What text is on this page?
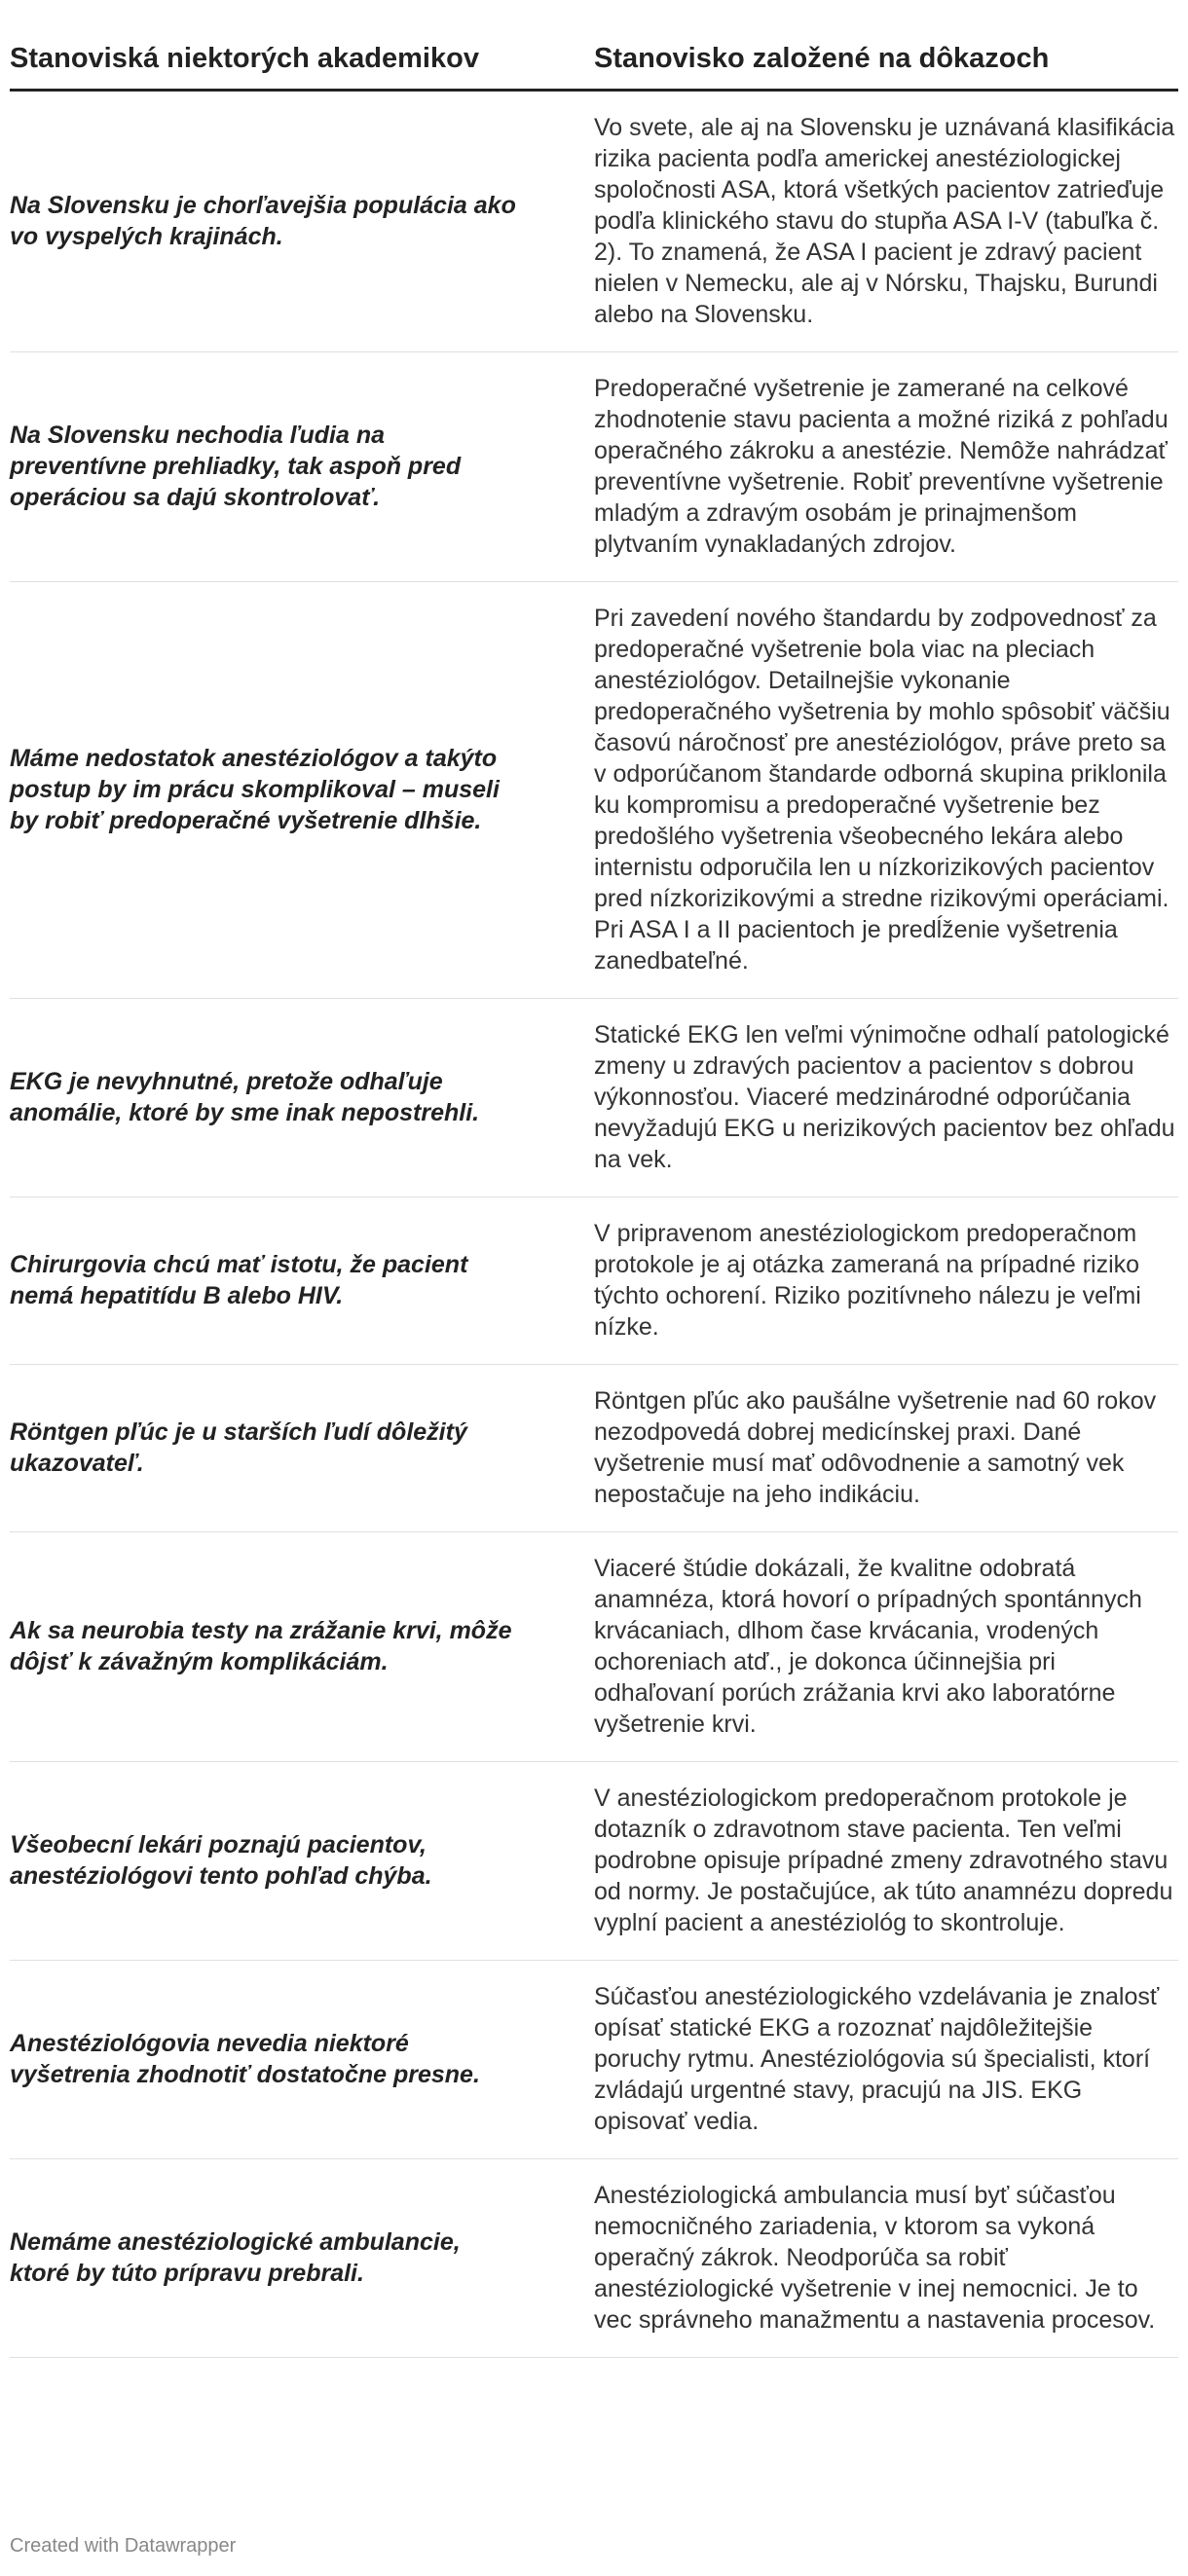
Stanoviská niektorých akademikov	Stanovisko založené na dôkazoch
Na Slovensku je chorľavejšia populácia ako vo vyspelých krajinách.	Vo svete, ale aj na Slovensku je uznávaná klasifikácia rizika pacienta podľa americkej anestéziologickej spoločnosti ASA, ktorá všetkých pacientov zatrieďuje podľa klinického stavu do stupňa ASA I-V (tabuľka č. 2). To znamená, že ASA I pacient je zdravý pacient nielen v Nemecku, ale aj v Nórsku, Thajsku, Burundi alebo na Slovensku.
Na Slovensku nechodia ľudia na preventívne prehliadky, tak aspoň pred operáciou sa dajú skontrolovať.	Predoperačné vyšetrenie je zamerané na celkové zhodnotenie stavu pacienta a možné riziká z pohľadu operačného zákroku a anestézie. Nemôže nahrádzať preventívne vyšetrenie. Robiť preventívne vyšetrenie mladým a zdravým osobám je prinajmenšom plytvaním vynakladaných zdrojov.
Máme nedostatok anestéziológov a takýto postup by im prácu skomplikoval – museli by robiť predoperačné vyšetrenie dlhšie.	Pri zavedení nového štandardu by zodpovednosť za predoperačné vyšetrenie bola viac na pleciach anestéziológov. Detailnejšie vykonanie predoperačného vyšetrenia by mohlo spôsobiť väčšiu časovú náročnosť pre anestéziológov, práve preto sa v odporúčanom štandarde odborná skupina priklonila ku kompromisu a predoperačné vyšetrenie bez predošlého vyšetrenia všeobecného lekára alebo internistu odporučila len u nízkorizikových pacientov pred nízkorizikovými a stredne rizikovými operáciami. Pri ASA I a II pacientoch je predĺženie vyšetrenia zanedbateľné.
EKG je nevyhnutné, pretože odhaľuje anomálie, ktoré by sme inak nepostrehli.	Statické EKG len veľmi výnimočne odhalí patologické zmeny u zdravých pacientov a pacientov s dobrou výkonnosťou. Viaceré medzinárodné odporúčania nevyžadujú EKG u nerizikových pacientov bez ohľadu na vek.
Chirurgovia chcú mať istotu, že pacient nemá hepatitídu B alebo HIV.	V pripravenom anestéziologickom predoperačnom protokole je aj otázka zameraná na prípadné riziko týchto ochorení. Riziko pozitívneho nálezu je veľmi nízke.
Röntgen pľúc je u starších ľudí dôležitý ukazovateľ.	Röntgen pľúc ako paušálne vyšetrenie nad 60 rokov nezodpovedá dobrej medicínskej praxi. Dané vyšetrenie musí mať odôvodnenie a samotný vek nepostačuje na jeho indikáciu.
Ak sa neurobia testy na zrážanie krvi, môže dôjsť k závažným komplikáciám.	Viaceré štúdie dokázali, že kvalitne odobratá anamnéza, ktorá hovorí o prípadných spontánnych krvácaniach, dlhom čase krvácania, vrodených ochoreniach atď., je dokonca účinnejšia pri odhaľovaní porúch zrážania krvi ako laboratórne vyšetrenie krvi.
Všeobecní lekári poznajú pacientov, anestéziológovi tento pohľad chýba.	V anestéziologickom predoperačnom protokole je dotazník o zdravotnom stave pacienta. Ten veľmi podrobne opisuje prípadné zmeny zdravotného stavu od normy. Je postačujúce, ak túto anamnézu dopredu vyplní pacient a anestéziológ to skontroluje.
Anestéziológovia nevedia niektoré vyšetrenia zhodnotiť dostatočne presne.	Súčasťou anestéziologického vzdelávania je znalosť opísať statické EKG a rozoznať najdôležitejšie poruchy rytmu. Anestéziológovia sú špecialisti, ktorí zvládajú urgentné stavy, pracujú na JIS. EKG opisovať vedia.
Nemáme anestéziologické ambulancie, ktoré by túto prípravu prebrali.	Anestéziologická ambulancia musí byť súčasťou nemocničného zariadenia, v ktorom sa vykoná operačný zákrok. Neodporúča sa robiť anestéziologické vyšetrenie v inej nemocnici. Je to vec správneho manažmentu a nastavenia procesov.
Created with Datawrapper
